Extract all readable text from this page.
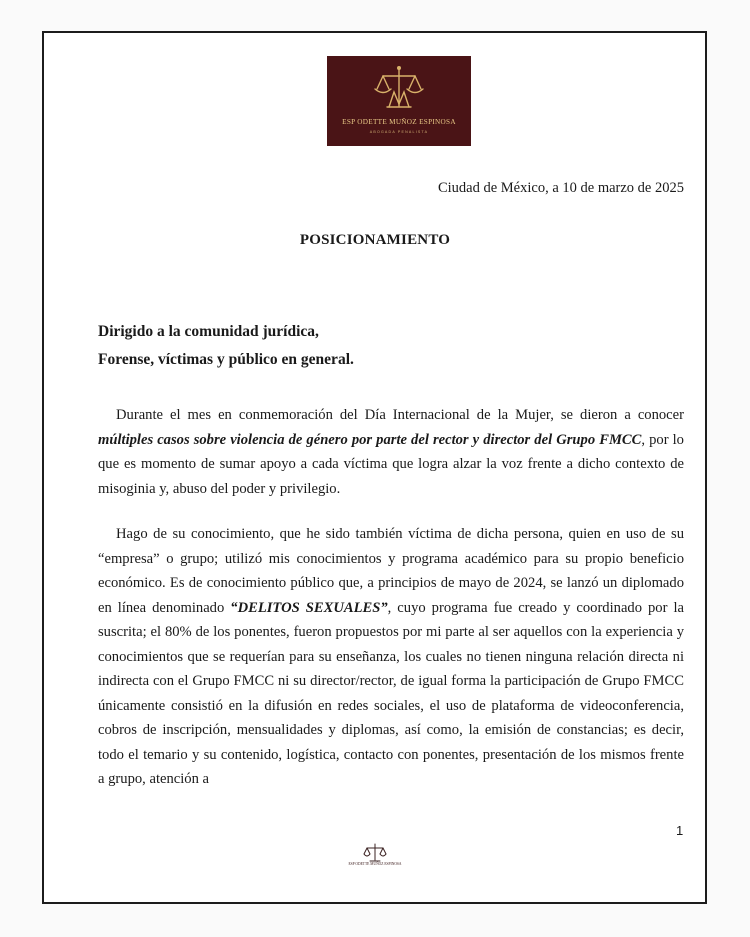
ESP ODETTE MUÑOZ ESPINOSA
ABOGADA PENALISTA
Ciudad de México, a 10 de marzo de 2025
POSICIONAMIENTO
Dirigido a la comunidad jurídica,
Forense, víctimas y público en general.
Durante el mes en conmemoración del Día Internacional de la Mujer, se dieron a conocer múltiples casos sobre violencia de género por parte del rector y director del Grupo FMCC, por lo que es momento de sumar apoyo a cada víctima que logra alzar la voz frente a dicho contexto de misoginia y, abuso del poder y privilegio.
Hago de su conocimiento, que he sido también víctima de dicha persona, quien en uso de su “empresa” o grupo; utilizó mis conocimientos y programa académico para su propio beneficio económico. Es de conocimiento público que, a principios de mayo de 2024, se lanzó un diplomado en línea denominado “DELITOS SEXUALES”, cuyo programa fue creado y coordinado por la suscrita; el 80% de los ponentes, fueron propuestos por mi parte al ser aquellos con la experiencia y conocimientos que se requerían para su enseñanza, los cuales no tienen ninguna relación directa ni indirecta con el Grupo FMCC ni su director/rector, de igual forma la participación de Grupo FMCC únicamente consistió en la difusión en redes sociales, el uso de plataforma de videoconferencia, cobros de inscripción, mensualidades y diplomas, así como, la emisión de constancias; es decir, todo el temario y su contenido, logística, contacto con ponentes, presentación de los mismos frente a grupo, atención a
1
ESP ODETTE MUÑOZ ESPINOSA
